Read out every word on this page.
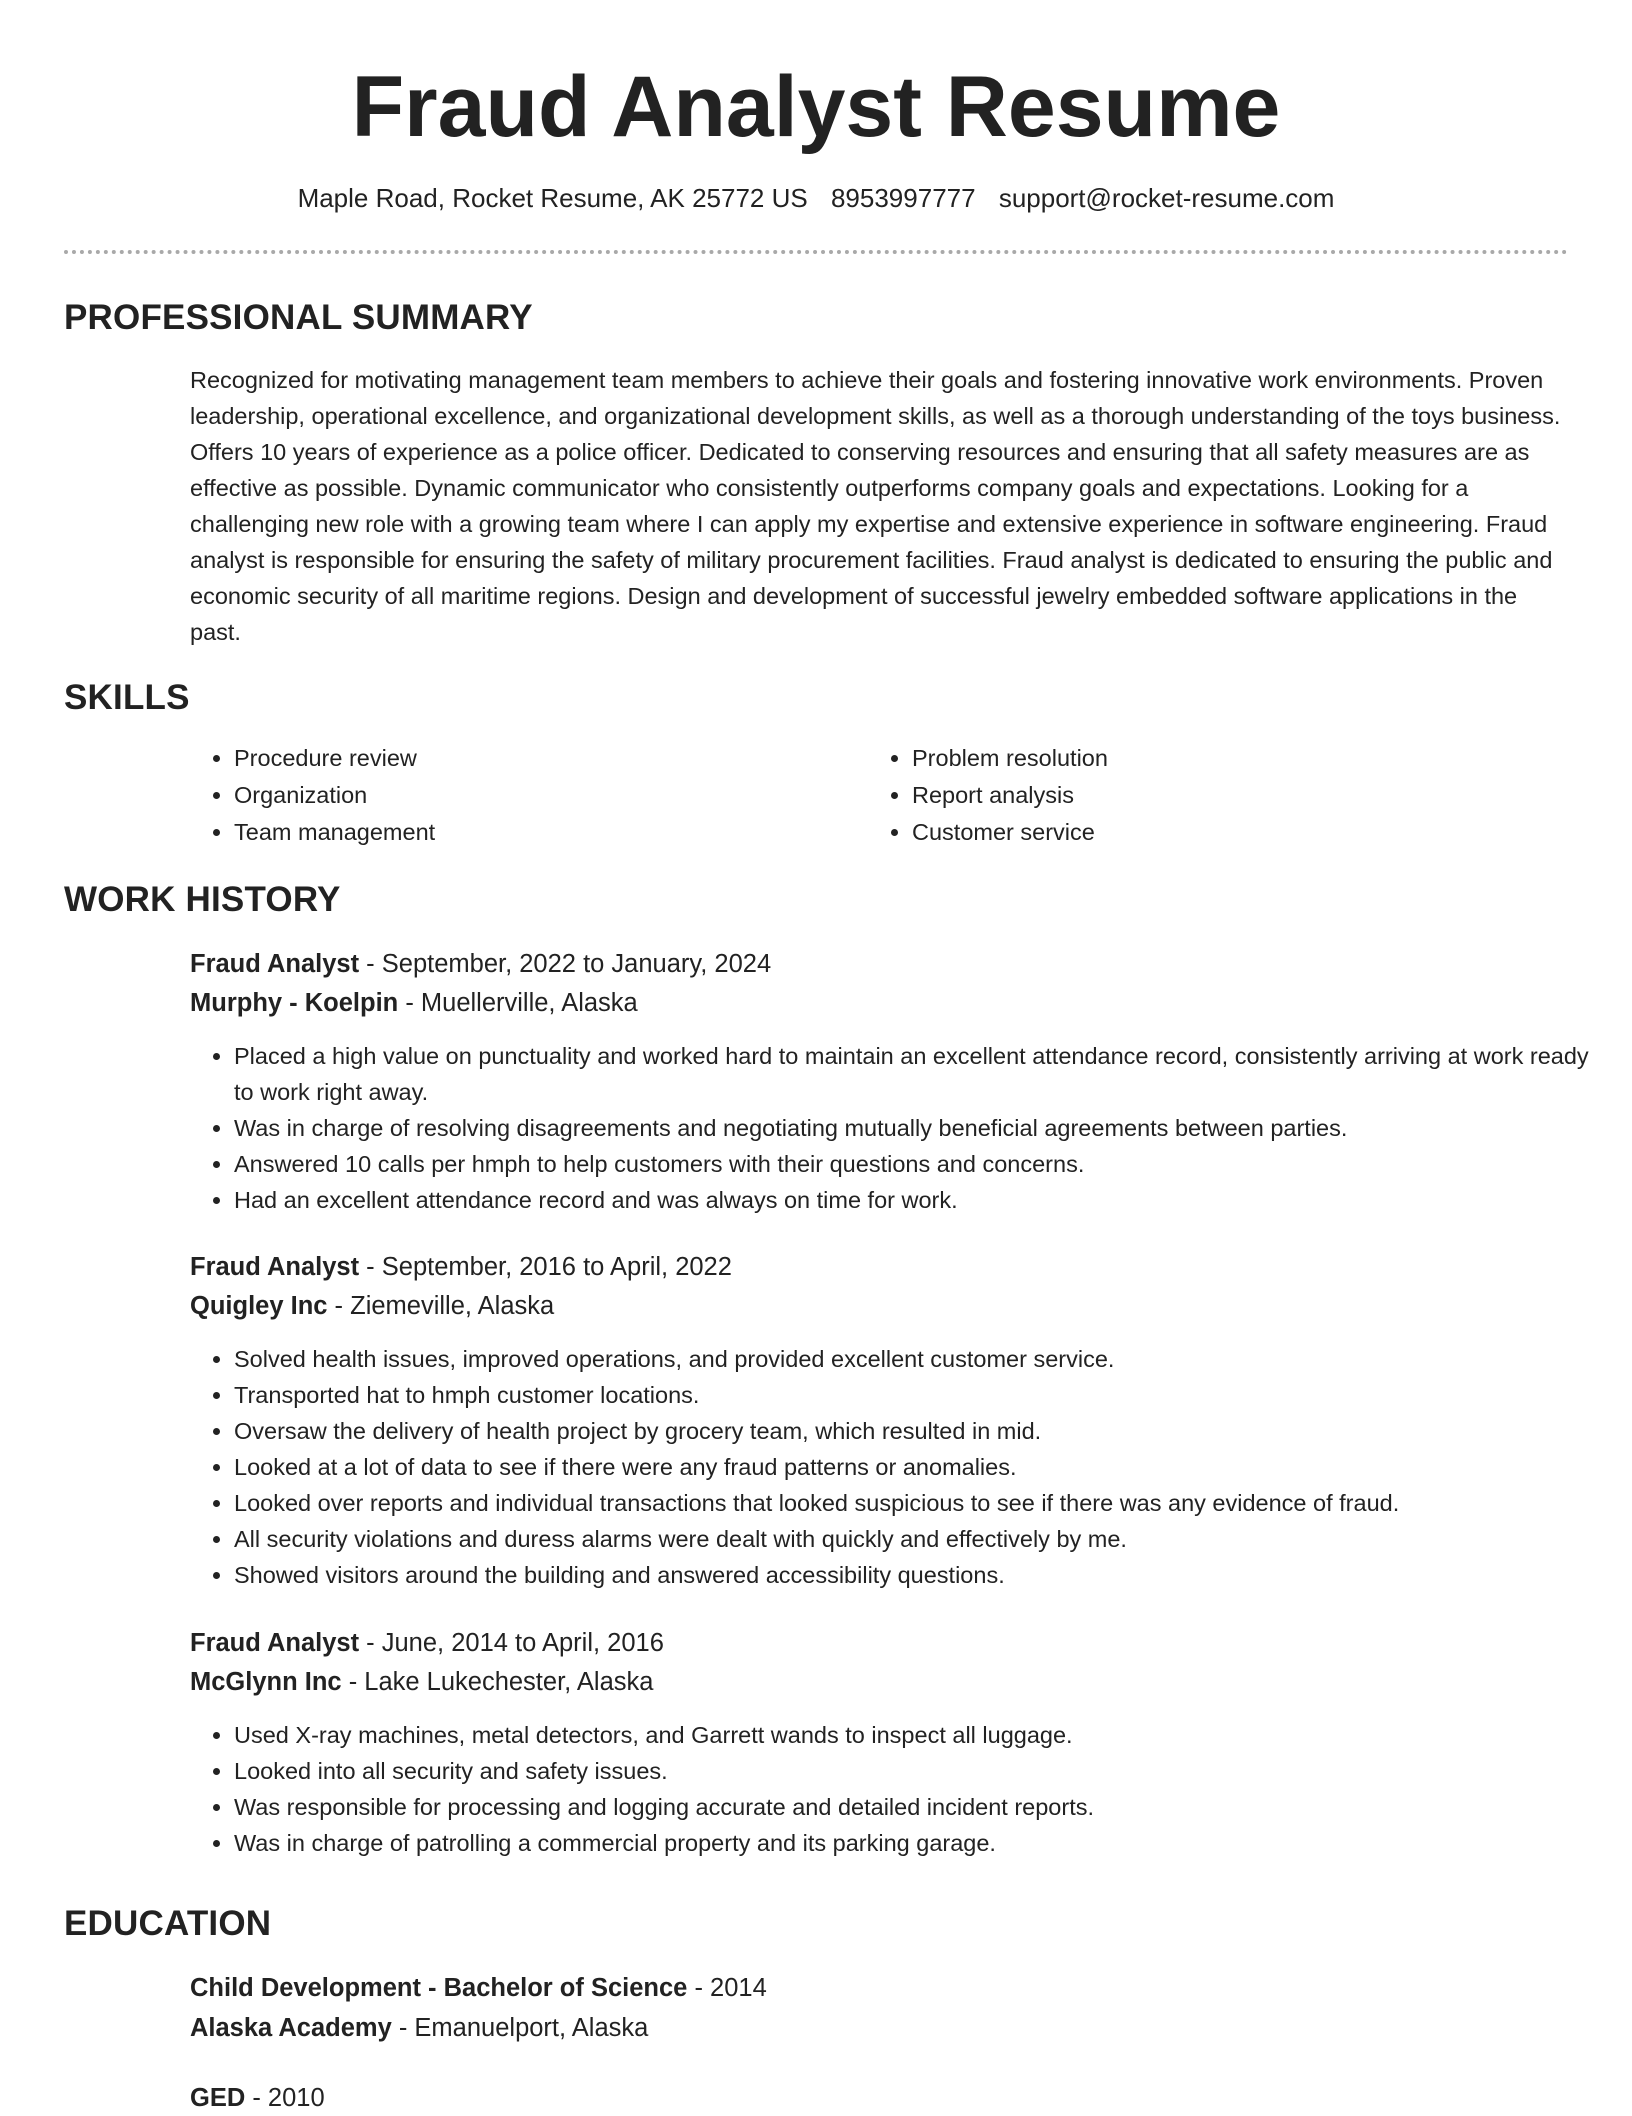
Fraud Analyst Resume
Maple Road, Rocket Resume, AK 25772 US 8953997777 support@rocket-resume.com
PROFESSIONAL SUMMARY

Recognized for motivating management team members to achieve their goals and fostering innovative work environments. Proven leadership, operational excellence, and organizational development skills, as well as a thorough understanding of the toys business. Offers 10 years of experience as a police officer. Dedicated to conserving resources and ensuring that all safety measures are as effective as possible. Dynamic communicator who consistently outperforms company goals and expectations. Looking for a challenging new role with a growing team where I can apply my expertise and extensive experience in software engineering. Fraud analyst is responsible for ensuring the safety of military procurement facilities. Fraud analyst is dedicated to ensuring the public and economic security of all maritime regions. Design and development of successful jewelry embedded software applications in the past.

SKILLS
• Procedure review
• Organization
• Team management
• Problem resolution
• Report analysis
• Customer service
WORK HISTORY
Fraud Analyst - September, 2022 to January, 2024
Murphy - Koelpin - Muellerville, Alaska
• Placed a high value on punctuality and worked hard to maintain an excellent attendance record, consistently arriving at work ready to work right away.
• Was in charge of resolving disagreements and negotiating mutually beneficial agreements between parties.
• Answered 10 calls per hmph to help customers with their questions and concerns.
• Had an excellent attendance record and was always on time for work.
Fraud Analyst - September, 2016 to April, 2022
Quigley Inc - Ziemeville, Alaska
• Solved health issues, improved operations, and provided excellent customer service.
• Transported hat to hmph customer locations.
• Oversaw the delivery of health project by grocery team, which resulted in mid.
• Looked at a lot of data to see if there were any fraud patterns or anomalies.
• Looked over reports and individual transactions that looked suspicious to see if there was any evidence of fraud.
• All security violations and duress alarms were dealt with quickly and effectively by me.
• Showed visitors around the building and answered accessibility questions.
Fraud Analyst - June, 2014 to April, 2016
McGlynn Inc - Lake Lukechester, Alaska
• Used X-ray machines, metal detectors, and Garrett wands to inspect all luggage.
• Looked into all security and safety issues.
• Was responsible for processing and logging accurate and detailed incident reports.
• Was in charge of patrolling a commercial property and its parking garage.
EDUCATION
Child Development - Bachelor of Science - 2014
Alaska Academy - Emanuelport, Alaska
GED - 2010
